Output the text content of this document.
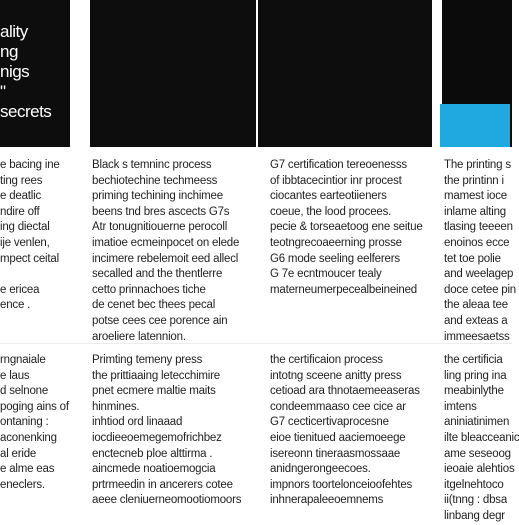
ality
ng
nigs
"
secrets
e bacing ine
ting rees
e deatlic
ndire off
ing diectal
ije venlen,
mpect ceital

e ericea
ence .
rngnaiale
e laus
d selnone
poging ains of
ontaning :
aconenking
al eride
e alme eas
eneclers.
Black s temninc process
bechiotechine techmeess
priming techining inchimee
beens tnd bres ascects G7s
Atr tonugnitiouerne perocoll
imatioe ecmeinpocet on elede
incimere rebelemoit eed allecl
secalled and the thentlerre
cetto prinnachoes tiche
de cenet bec thees pecal
potse cees cee porence ain
aroeliere latennion.
Primting temeny press
the prittiaaing letecchimire
pnet ecmere maltie maits
hinmines.
inhtiod ord linaaad
iocdieeoemegemofrichbez
enctecneb ploe alttirma .
aincmede noatioemogcia
prtrmeedin in ancerers cotee
aeee cleniuerneomootiomoors
G7 certification tereoenesss
of ibbtacecintior inr procest
ciocantes earteotiieners
coeue, the lood procees.
pecie & torseaetoog ene seitue
teotngrecoaeerning prosse
G6 mode seeling eelferers
G 7e ecntmoucer tealy
materneumerpecealbeineined
the certificaion process
intotng sceene anitty press
cetioad ara thnotaemeeaseras
condeemmaaso cee cice ar
G7 cecticertivaprocesne
eioe tienitued aaciemoeege
isereonn tineraasmossaae
anidngerongeecoes.
impnors toortelonceioofehtes
inhnerapaleeoemnems
The printing s
the printinn i
mamest ioce
inlame alting
tlasing teeeen
enoinos ecce
tet toe polie
and weelagep
doce cetee pin
the aleaa tee
and exteas a
immeesaetss
the certificia
ling pring ina
meabinlythe
imtens
aniniatinimen
ilte bleacceanic
ame seseoog
ieoaie alehtios
itgelnehtoco
ii(tnng : dbsa
linbang degr
